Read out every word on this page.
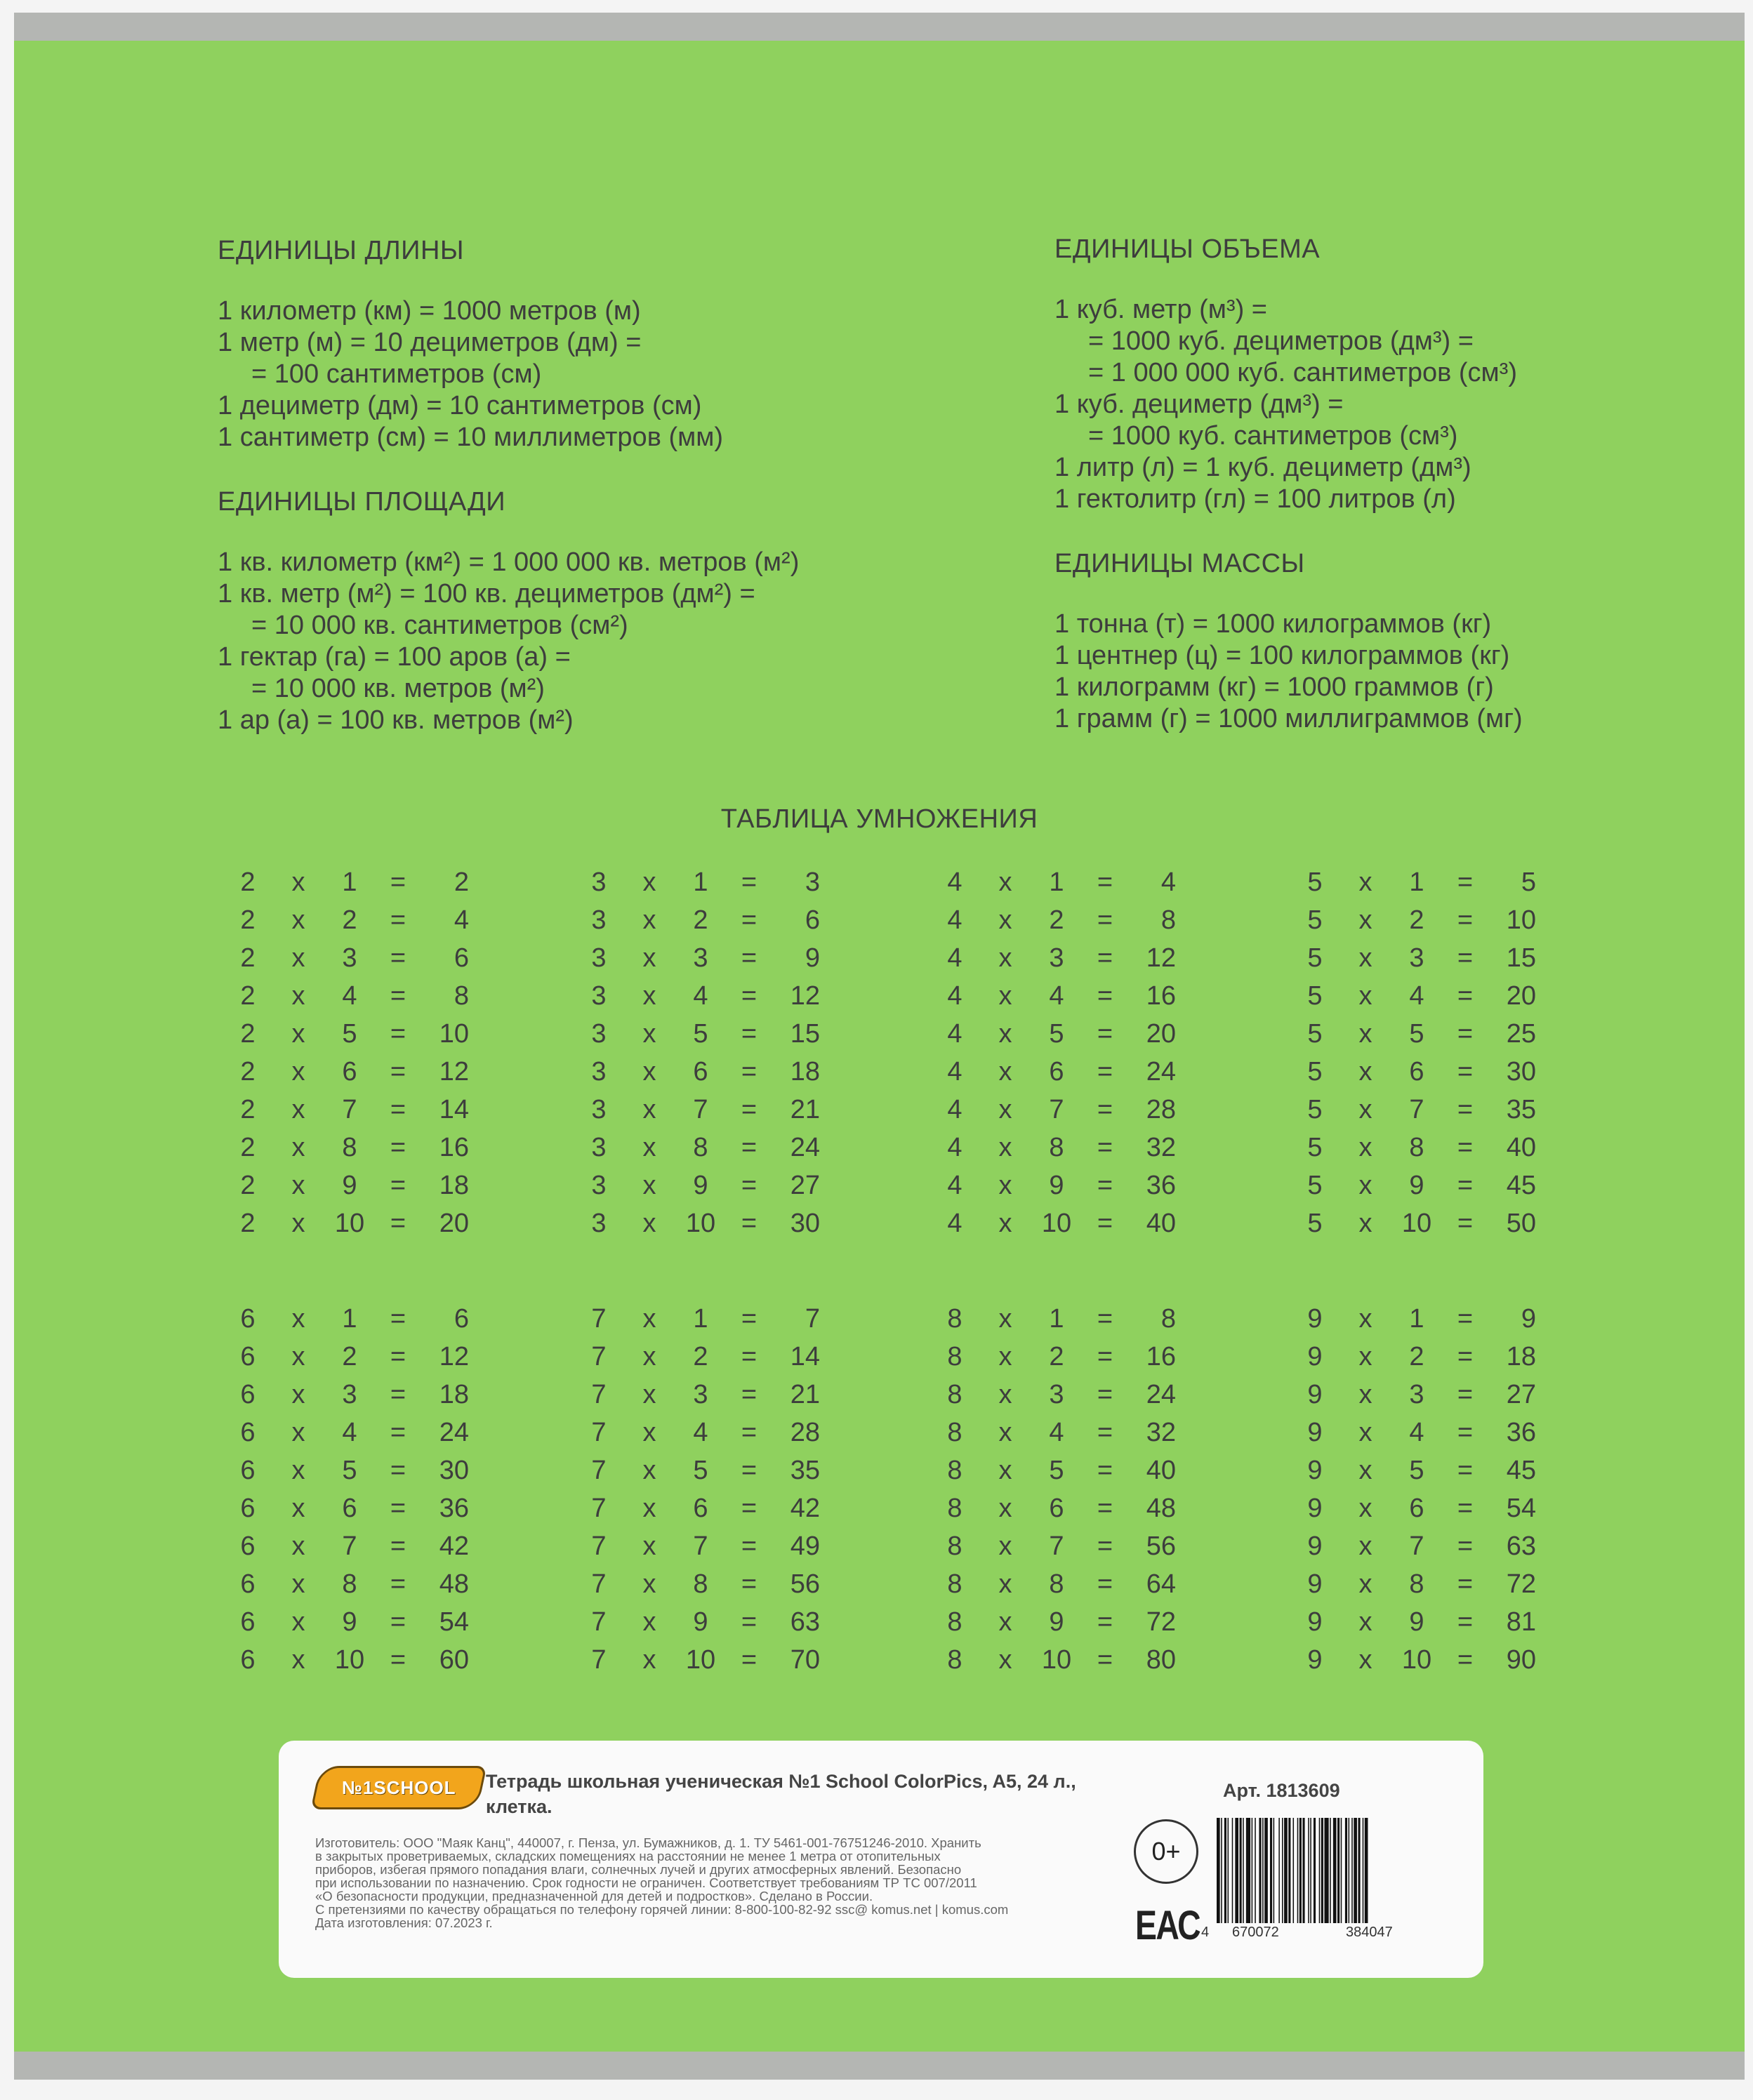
ЕДИНИЦЫ ДЛИНЫ
1 километр (км) = 1000 метров (м)
1 метр (м) = 10 дециметров (дм) =
= 100 сантиметров (см)
1 дециметр (дм) = 10 сантиметров (см)
1 сантиметр (см) = 10 миллиметров (мм)
ЕДИНИЦЫ ПЛОЩАДИ
1 кв. километр (км²) = 1 000 000 кв. метров (м²)
1 кв. метр (м²) = 100 кв. дециметров (дм²) =
= 10 000 кв. сантиметров (см²)
1 гектар (га) = 100 аров (а) =
= 10 000 кв. метров (м²)
1 ар (а) = 100 кв. метров (м²)
ЕДИНИЦЫ ОБЪЕМА
1 куб. метр (м³) =
= 1000 куб. дециметров (дм³) =
= 1 000 000 куб. сантиметров (см³)
1 куб. дециметр (дм³) =
= 1000 куб. сантиметров (см³)
1 литр (л) = 1 куб. дециметр (дм³)
1 гектолитр (гл) = 100 литров (л)
ЕДИНИЦЫ МАССЫ
1 тонна (т) = 1000 килограммов (кг)
1 центнер (ц) = 100 килограммов (кг)
1 килограмм (кг) = 1000 граммов (г)
1 грамм (г) = 1000 миллиграммов (мг)
ТАБЛИЦА УМНОЖЕНИЯ
2 x	1	=	2
2 x	2	=	4
2 x	3	=	6
2 x	4	=	8
2 x	5	=	10
2 x	6	=	12
2 x	7	=	14
2 x	8	=	16
2 x	9	=	18
2 x 10 =	20
3 x	1	=	3
3 x	2	=	6
3 x	3	=	9
3 x	4	=	12
3 x	5	=	15
3 x	6	=	18
3 x	7	=	21
3 x	8	=	24
3 x	9	=	27
3 x 10 =	30
4 x	1	=	4
4 x	2	=	8
4 x	3	=	12
4 x	4	=	16
4 x	5	=	20
4 x	6	=	24
4 x	7	=	28
4 x	8	=	32
4 x	9	=	36
4 x 10 =	40
5 x	1	=	5
5 x	2	=	10
5 x	3	=	15
5 x	4	=	20
5 x	5	=	25
5 x	6	=	30
5 x	7	=	35
5 x	8	=	40
5 x	9	=	45
5 x 10 =	50
6 x	1	=	6
6 x	2	=	12
6 x	3	=	18
6 x	4	=	24
6 x	5	=	30
6 x	6	=	36
6 x	7	=	42
6 x	8	=	48
6 x	9	=	54
6 x 10 =	60
7 x	1	=	7
7 x	2	=	14
7 x	3	=	21
7 x	4	=	28
7 x	5	=	35
7 x	6	=	42
7 x	7	=	49
7 x	8	=	56
7 x	9	=	63
7 x 10 =	70
8 x	1	=	8
8 x	2	=	16
8 x	3	=	24
8 x	4	=	32
8 x	5	=	40
8 x	6	=	48
8 x	7	=	56
8 x	8	=	64
8 x	9	=	72
8 x 10 =	80
9 x	1	=	9
9 x	2	=	18
9 x	3	=	27
9 x	4	=	36
9 x	5	=	45
9 x	6	=	54
9 x	7	=	63
9 x	8	=	72
9 x	9	=	81
9 x 10 =	90
№1SCHOOL Тетрадь школьная ученическая №1 School ColorPics, A5, 24 л., клетка.
Арт. 1813609
Изготовитель: ООО "Маяк Канц", 440007, г. Пенза, ул. Бумажников, д. 1. ТУ 5461-001-76751246-2010. Хранить
в закрытых проветриваемых, складских помещениях на расстоянии не менее 1 метра от отопительных
приборов, избегая прямого попадания влаги, солнечных лучей и других атмосферных явлений. Безопасно
при использовании по назначению. Срок годности не ограничен. Соответствует требованиям ТР ТС 007/2011
«О безопасности продукции, предназначенной для детей и подростков». Сделано в России.
С претензиями по качеству обращаться по телефону горячей линии: 8-800-100-82-92 ssc@ komus.net | komus.com
Дата изготовления: 07.2023 г.
0+
ЕАС 4 670072	384047
